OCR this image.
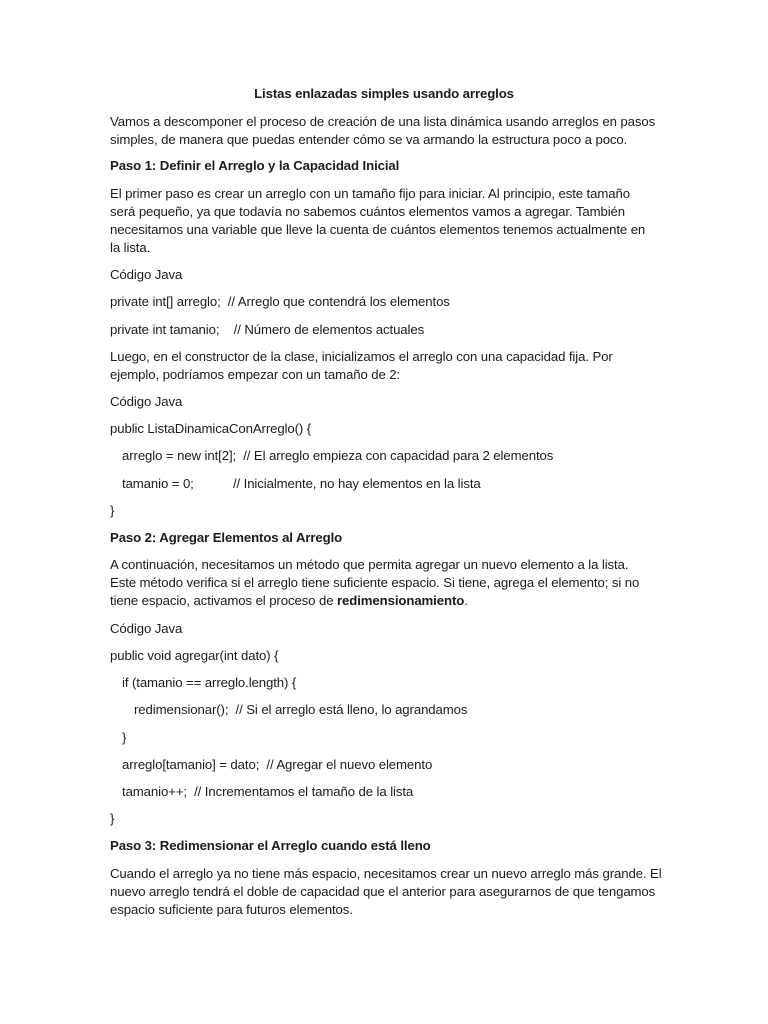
Listas enlazadas simples usando arreglos
Vamos a descomponer el proceso de creación de una lista dinámica usando arreglos en pasos
simples, de manera que puedas entender cómo se va armando la estructura poco a poco.
Paso 1: Definir el Arreglo y la Capacidad Inicial
El primer paso es crear un arreglo con un tamaño fijo para iniciar. Al principio, este tamaño
será pequeño, ya que todavía no sabemos cuántos elementos vamos a agregar. También
necesitamos una variable que lleve la cuenta de cuántos elementos tenemos actualmente en
la lista.
Código Java
private int[] arreglo;  // Arreglo que contendrá los elementos
private int tamanio;    // Número de elementos actuales
Luego, en el constructor de la clase, inicializamos el arreglo con una capacidad fija. Por
ejemplo, podríamos empezar con un tamaño de 2:
Código Java
public ListaDinamicaConArreglo() {
arreglo = new int[2];  // El arreglo empieza con capacidad para 2 elementos
tamanio = 0;           // Inicialmente, no hay elementos en la lista
}
Paso 2: Agregar Elementos al Arreglo
A continuación, necesitamos un método que permita agregar un nuevo elemento a la lista.
Este método verifica si el arreglo tiene suficiente espacio. Si tiene, agrega el elemento; si no
tiene espacio, activamos el proceso de redimensionamiento.
Código Java
public void agregar(int dato) {
if (tamanio == arreglo.length) {
redimensionar();  // Si el arreglo está lleno, lo agrandamos
}
arreglo[tamanio] = dato;  // Agregar el nuevo elemento
tamanio++;  // Incrementamos el tamaño de la lista
}
Paso 3: Redimensionar el Arreglo cuando está lleno
Cuando el arreglo ya no tiene más espacio, necesitamos crear un nuevo arreglo más grande. El
nuevo arreglo tendrá el doble de capacidad que el anterior para asegurarnos de que tengamos
espacio suficiente para futuros elementos.
